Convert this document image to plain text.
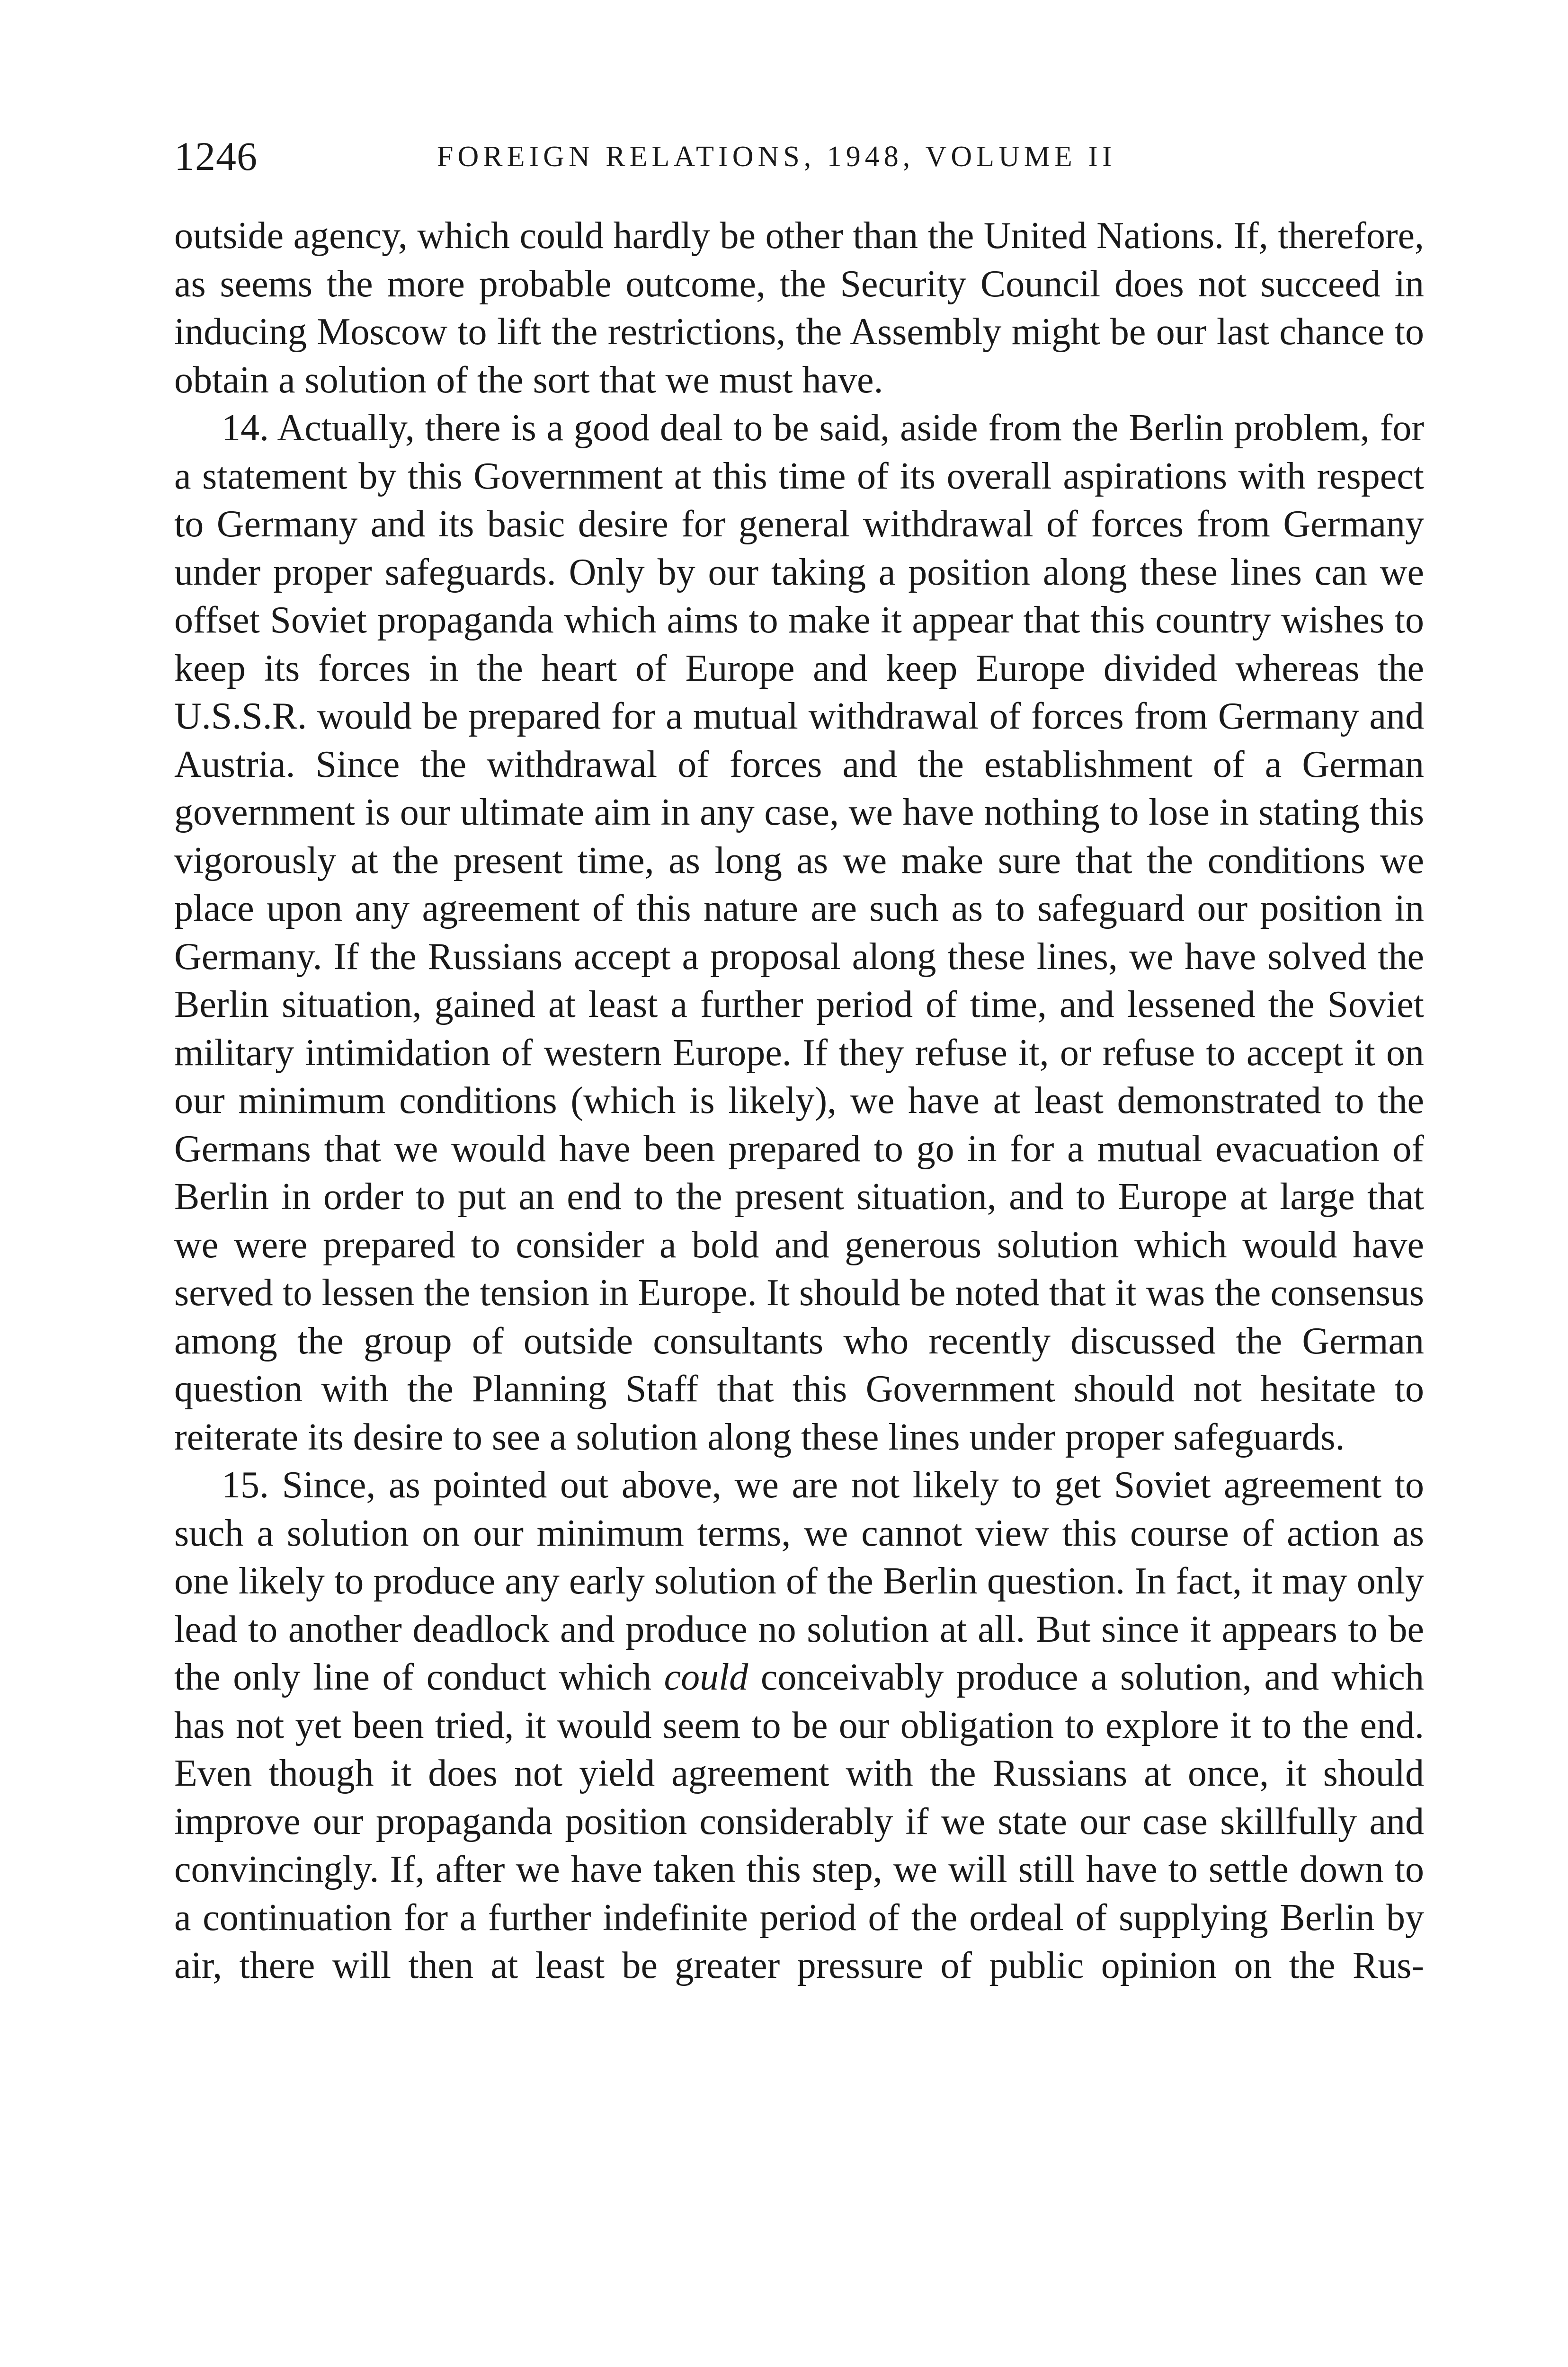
1246	FOREIGN RELATIONS, 1948, VOLUME II

outside agency, which could hardly be other than the United Nations. If, therefore, as seems the more probable outcome, the Security Council does not succeed in inducing Moscow to lift the restrictions, the Assembly might be our last chance to obtain a solution of the sort that we must have.

14. Actually, there is a good deal to be said, aside from the Berlin problem, for a statement by this Government at this time of its overall aspirations with respect to Germany and its basic desire for general withdrawal of forces from Germany under proper safeguards. Only by our taking a position along these lines can we offset Soviet propaganda which aims to make it appear that this country wishes to keep its forces in the heart of Europe and keep Europe divided whereas the U.S.S.R. would be prepared for a mutual withdrawal of forces from Germany and Austria. Since the withdrawal of forces and the establishment of a German government is our ultimate aim in any case, we have nothing to lose in stating this vigorously at the present time, as long as we make sure that the conditions we place upon any agreement of this nature are such as to safeguard our position in Germany. If the Russians accept a proposal along these lines, we have solved the Berlin situation, gained at least a further period of time, and lessened the Soviet military intimidation of western Europe. If they refuse it, or refuse to accept it on our minimum conditions (which is likely), we have at least demonstrated to the Germans that we would have been prepared to go in for a mutual evacuation of Berlin in order to put an end to the present situation, and to Europe at large that we were prepared to consider a bold and generous solution which would have served to lessen the tension in Europe. It should be noted that it was the consensus among the group of outside consultants who recently discussed the German question with the Planning Staff that this Government should not hesitate to reiterate its desire to see a solution along these lines under proper safeguards.

15. Since, as pointed out above, we are not likely to get Soviet agreement to such a solution on our minimum terms, we cannot view this course of action as one likely to produce any early solution of the Berlin question. In fact, it may only lead to another deadlock and produce no solution at all. But since it appears to be the only line of conduct which could conceivably produce a solution, and which has not yet been tried, it would seem to be our obligation to explore it to the end. Even though it does not yield agreement with the Russians at once, it should improve our propaganda position considerably if we state our case skillfully and convincingly. If, after we have taken this step, we will still have to settle down to a continuation for a further indefinite period of the ordeal of supplying Berlin by air, there will then at least be greater pressure of public opinion on the Rus-
